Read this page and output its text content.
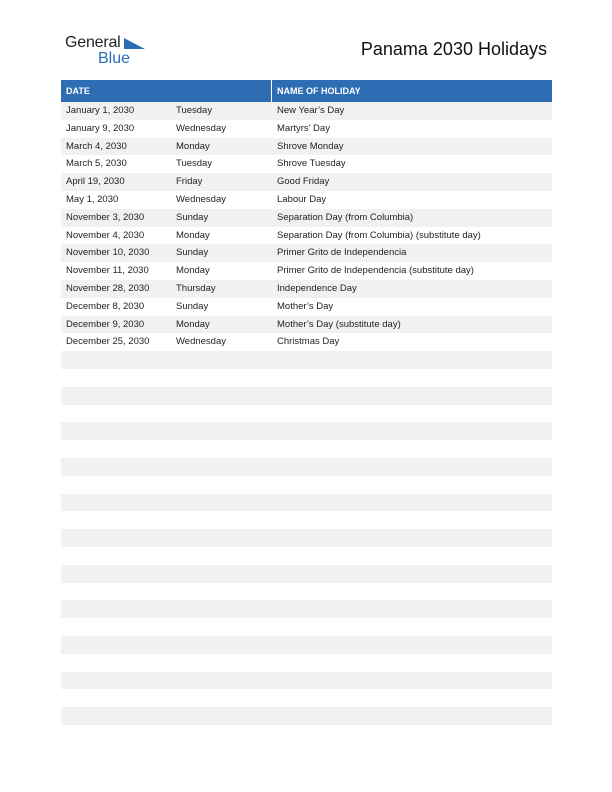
General
Blue	Panama 2030 Holidays
DATE	NAME OF HOLIDAY
January 1, 2030	Tuesday	New Year’s Day
January 9, 2030	Wednesday	Martyrs’ Day
March 4, 2030	Monday	Shrove Monday
March 5, 2030	Tuesday	Shrove Tuesday
April 19, 2030	Friday	Good Friday
May 1, 2030	Wednesday	Labour Day
November 3, 2030	Sunday	Separation Day (from Columbia)
November 4, 2030	Monday	Separation Day (from Columbia) (substitute day)
November 10, 2030	Sunday	Primer Grito de Independencia
November 11, 2030	Monday	Primer Grito de Independencia (substitute day)
November 28, 2030	Thursday	Independence Day
December 8, 2030	Sunday	Mother’s Day
December 9, 2030	Monday	Mother’s Day (substitute day)
December 25, 2030	Wednesday	Christmas Day
